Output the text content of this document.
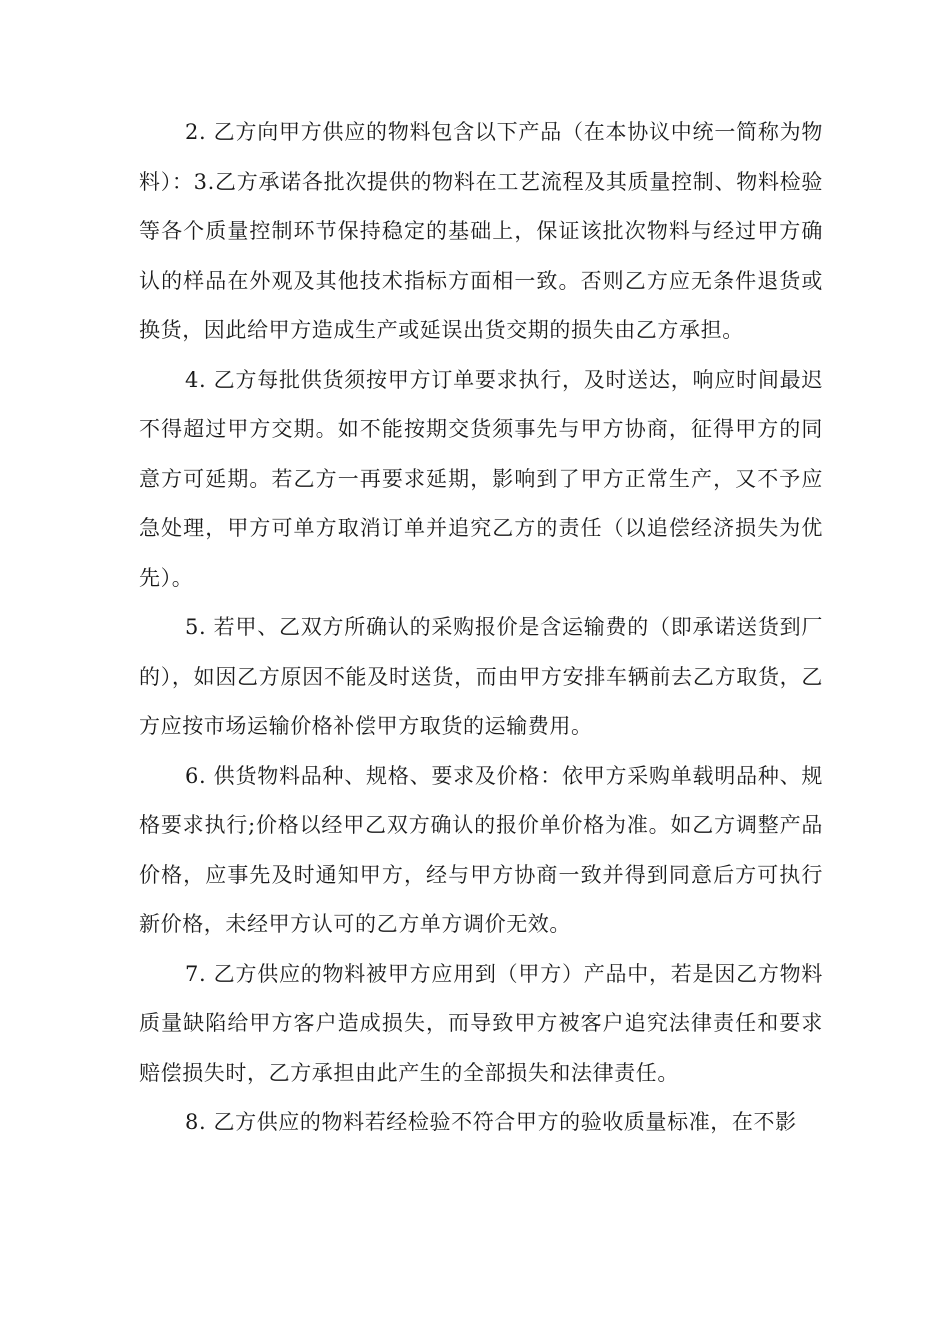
2. 乙方向甲方供应的物料包含以下产品（在本协议中统一简称为物料）：3.乙方承诺各批次提供的物料在工艺流程及其质量控制、物料检验等各个质量控制环节保持稳定的基础上，保证该批次物料与经过甲方确认的样品在外观及其他技术指标方面相一致。否则乙方应无条件退货或换货，因此给甲方造成生产或延误出货交期的损失由乙方承担。

4. 乙方每批供货须按甲方订单要求执行，及时送达，响应时间最迟不得超过甲方交期。如不能按期交货须事先与甲方协商，征得甲方的同意方可延期。若乙方一再要求延期，影响到了甲方正常生产，又不予应急处理，甲方可单方取消订单并追究乙方的责任（以追偿经济损失为优先）。

5. 若甲、乙双方所确认的采购报价是含运输费的（即承诺送货到厂的），如因乙方原因不能及时送货，而由甲方安排车辆前去乙方取货，乙方应按市场运输价格补偿甲方取货的运输费用。

6. 供货物料品种、规格、要求及价格：依甲方采购单载明品种、规格要求执行;价格以经甲乙双方确认的报价单价格为准。如乙方调整产品价格，应事先及时通知甲方，经与甲方协商一致并得到同意后方可执行新价格，未经甲方认可的乙方单方调价无效。

7. 乙方供应的物料被甲方应用到（甲方）产品中，若是因乙方物料质量缺陷给甲方客户造成损失，而导致甲方被客户追究法律责任和要求赔偿损失时，乙方承担由此产生的全部损失和法律责任。

8. 乙方供应的物料若经检验不符合甲方的验收质量标准，在不影
